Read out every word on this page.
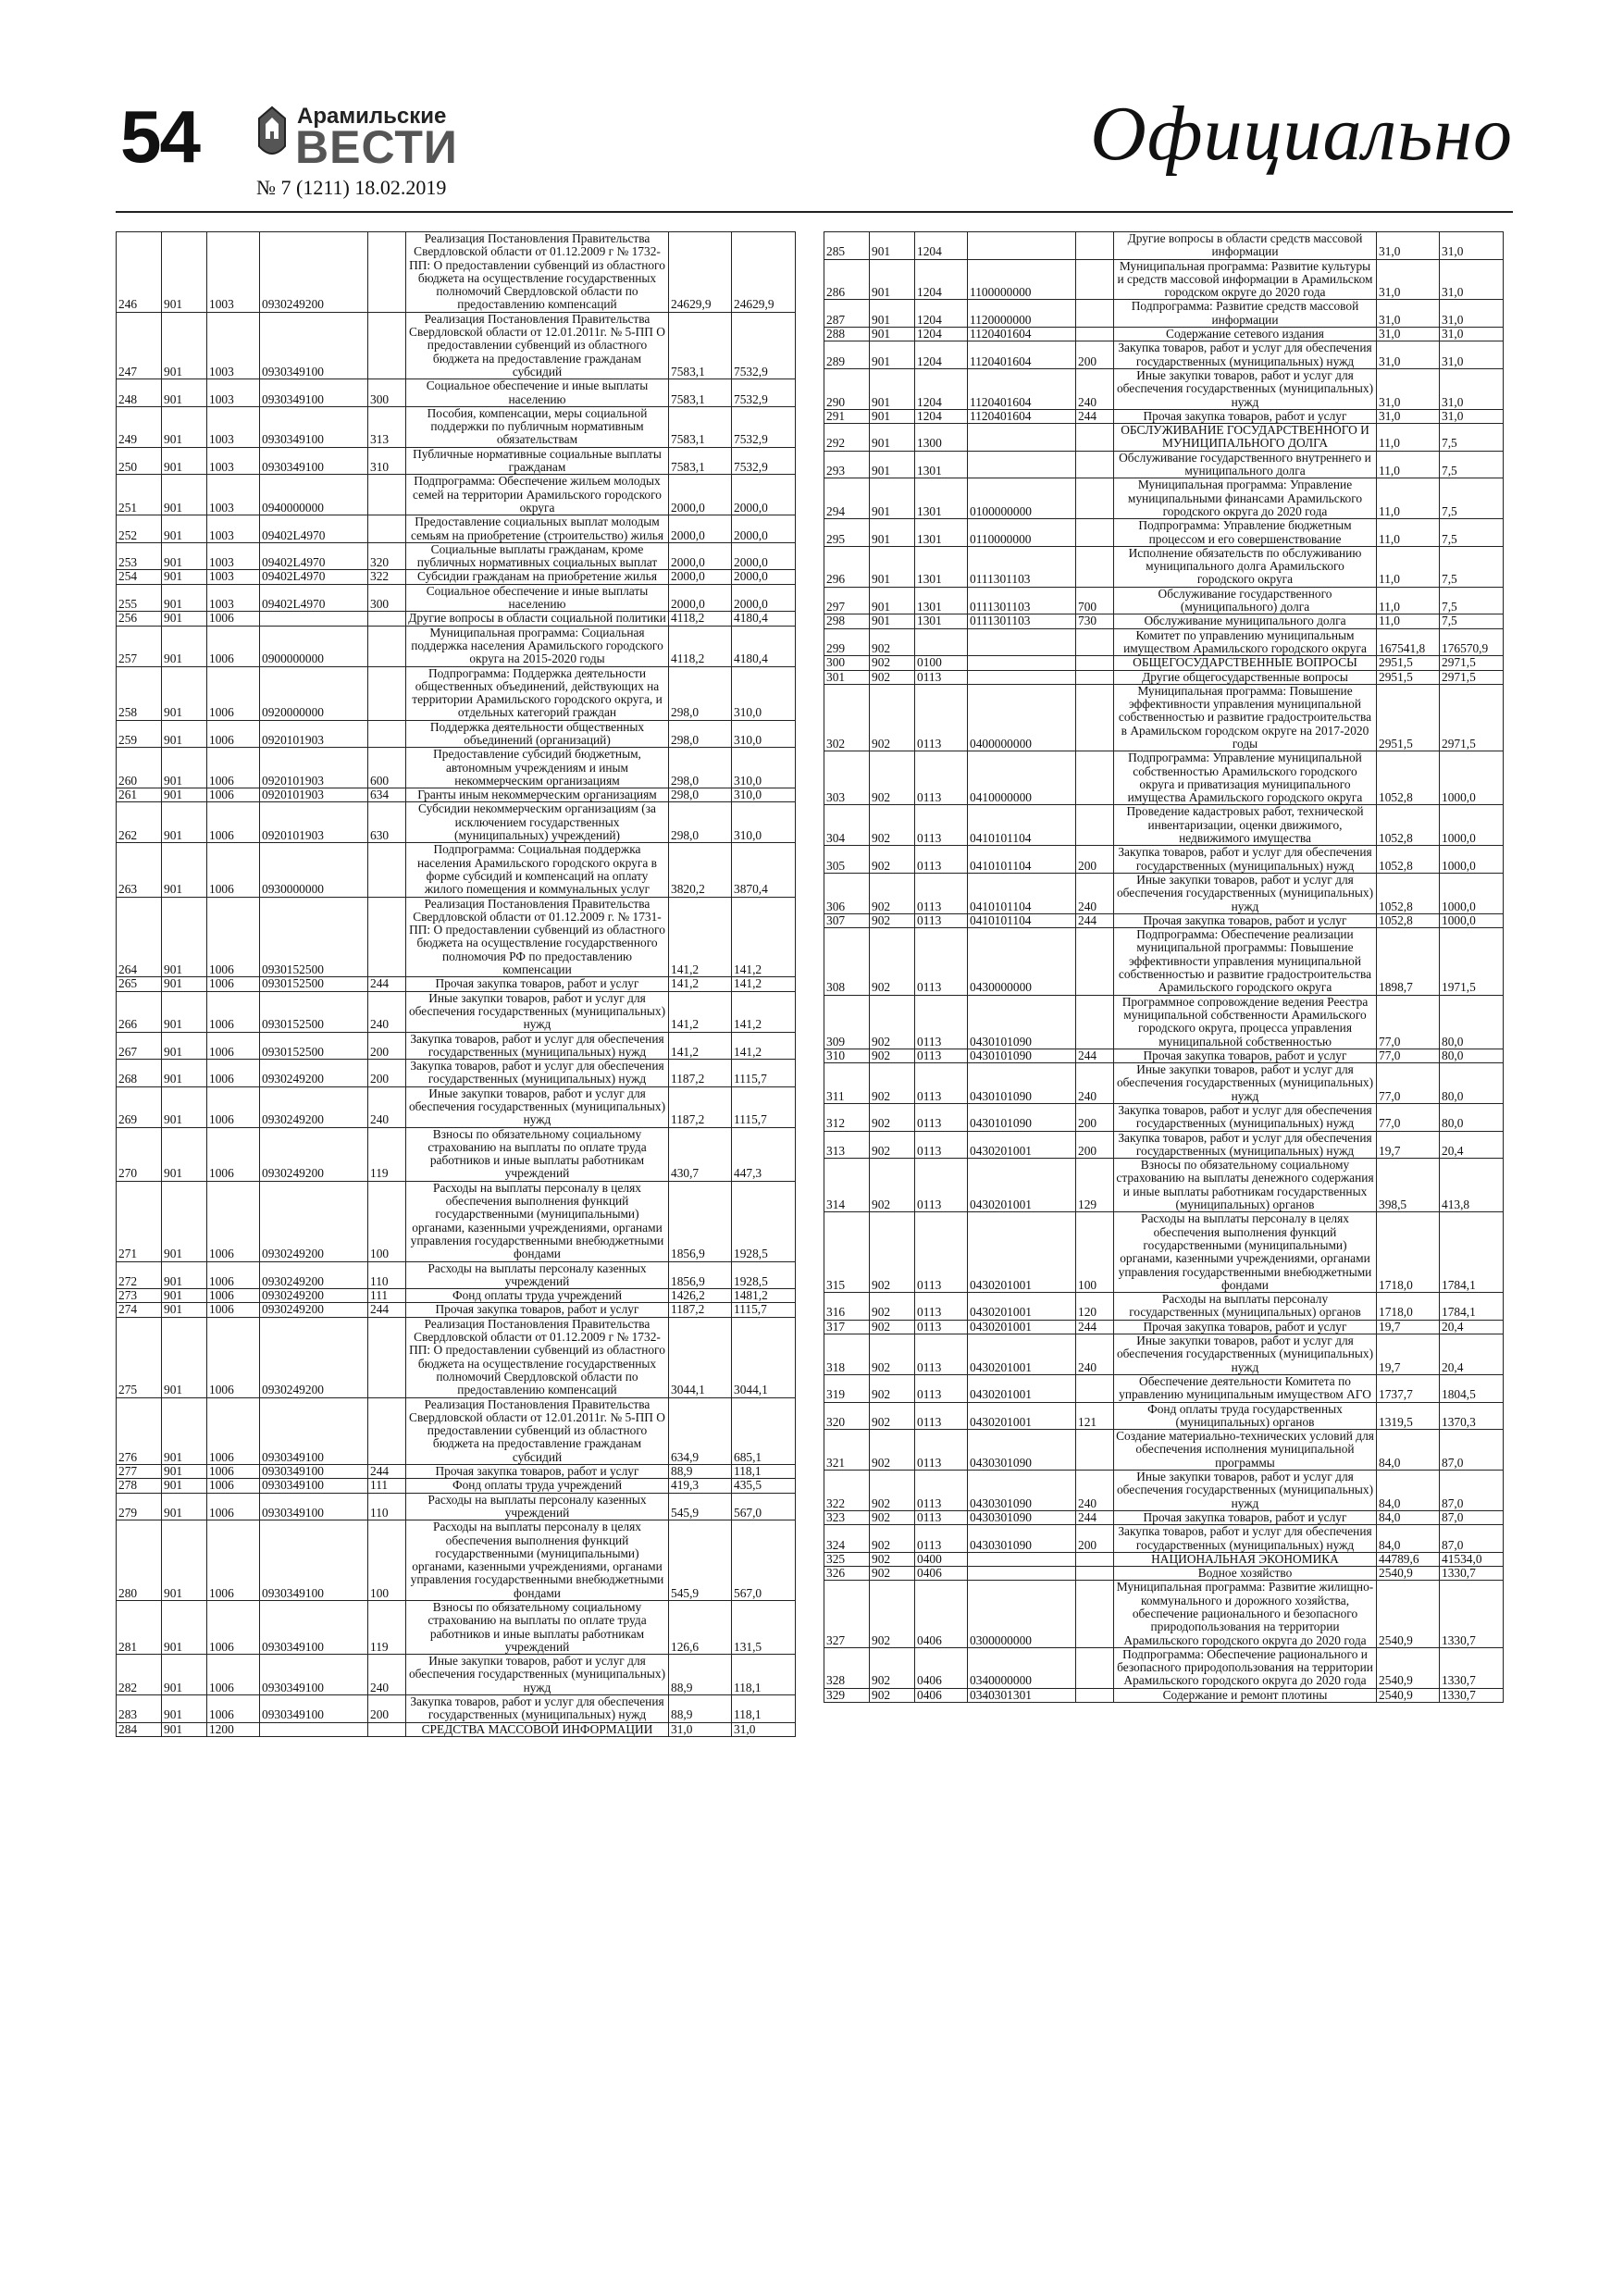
54	Арамильские
ВЕСТИ
№ 7 (1211) 18.02.2019
Официально
246	901	1003	0930249200		Реализация Постановления Правительства Свердловской области от 01.12.2009 г № 1732-ПП: О предоставлении субвенций из областного бюджета на осуществление государственных полномочий Свердловской области по предоставлению компенсаций	24629,9	24629,9
247	901	1003	0930349100		Реализация Постановления Правительства Свердловской области от 12.01.2011г. № 5-ПП О предоставлении субвенций из областного бюджета на предоставление гражданам субсидий	7583,1	7532,9
248	901	1003	0930349100	300	Социальное обеспечение и иные выплаты населению	7583,1	7532,9
249	901	1003	0930349100	313	Пособия, компенсации, меры социальной поддержки по публичным нормативным обязательствам	7583,1	7532,9
250	901	1003	0930349100	310	Публичные нормативные социальные выплаты гражданам	7583,1	7532,9
251	901	1003	0940000000		Подпрограмма: Обеспечение жильем молодых семей на территории Арамильского городского округа	2000,0	2000,0
252	901	1003	09402L4970		Предоставление социальных выплат молодым семьям на приобретение (строительство) жилья	2000,0	2000,0
253	901	1003	09402L4970	320	Социальные выплаты гражданам, кроме публичных нормативных социальных выплат	2000,0	2000,0
254	901	1003	09402L4970	322	Субсидии гражданам на приобретение жилья	2000,0	2000,0
255	901	1003	09402L4970	300	Социальное обеспечение и иные выплаты населению	2000,0	2000,0
256	901	1006			Другие вопросы в области социальной политики	4118,2	4180,4
257	901	1006	0900000000		Муниципальная программа: Социальная поддержка населения Арамильского городского округа на 2015-2020 годы	4118,2	4180,4
258	901	1006	0920000000		Подпрограмма: Поддержка деятельности общественных объединений, действующих на территории Арамильского городского округа, и отдельных категорий граждан	298,0	310,0
259	901	1006	0920101903		Поддержка деятельности общественных объединений (организаций)	298,0	310,0
260	901	1006	0920101903	600	Предоставление субсидий бюджетным, автономным учреждениям и иным некоммерческим организациям	298,0	310,0
261	901	1006	0920101903	634	Гранты иным некоммерческим организациям	298,0	310,0
262	901	1006	0920101903	630	Субсидии некоммерческим организациям (за исключением государственных (муниципальных) учреждений)	298,0	310,0
263	901	1006	0930000000		Подпрограмма: Социальная поддержка населения Арамильского городского округа в форме субсидий и компенсаций на оплату жилого помещения и коммунальных услуг	3820,2	3870,4
264	901	1006	0930152500		Реализация Постановления Правительства Свердловской области от 01.12.2009 г. № 1731-ПП: О предоставлении субвенций из областного бюджета на осуществление государственного полномочия РФ по предоставлению компенсации	141,2	141,2
265	901	1006	0930152500	244	Прочая закупка товаров, работ и услуг	141,2	141,2
266	901	1006	0930152500	240	Иные закупки товаров, работ и услуг для обеспечения государственных (муниципальных) нужд	141,2	141,2
267	901	1006	0930152500	200	Закупка товаров, работ и услуг для обеспечения государственных (муниципальных) нужд	141,2	141,2
268	901	1006	0930249200	200	Закупка товаров, работ и услуг для обеспечения государственных (муниципальных) нужд	1187,2	1115,7
269	901	1006	0930249200	240	Иные закупки товаров, работ и услуг для обеспечения государственных (муниципальных) нужд	1187,2	1115,7
270	901	1006	0930249200	119	Взносы по обязательному социальному страхованию на выплаты по оплате труда работников и иные выплаты работникам учреждений	430,7	447,3
271	901	1006	0930249200	100	Расходы на выплаты персоналу в целях обеспечения выполнения функций государственными (муниципальными) органами, казенными учреждениями, органами управления государственными внебюджетными фондами	1856,9	1928,5
272	901	1006	0930249200	110	Расходы на выплаты персоналу казенных учреждений	1856,9	1928,5
273	901	1006	0930249200	111	Фонд оплаты труда учреждений	1426,2	1481,2
274	901	1006	0930249200	244	Прочая закупка товаров, работ и услуг	1187,2	1115,7
275	901	1006	0930249200		Реализация Постановления Правительства Свердловской области от 01.12.2009 г № 1732-ПП: О предоставлении субвенций из областного бюджета на осуществление государственных полномочий Свердловской области по предоставлению компенсаций	3044,1	3044,1
276	901	1006	0930349100		Реализация Постановления Правительства Свердловской области от 12.01.2011г. № 5-ПП О предоставлении субвенций из областного бюджета на предоставление гражданам субсидий	634,9	685,1
277	901	1006	0930349100	244	Прочая закупка товаров, работ и услуг	88,9	118,1
278	901	1006	0930349100	111	Фонд оплаты труда учреждений	419,3	435,5
279	901	1006	0930349100	110	Расходы на выплаты персоналу казенных учреждений	545,9	567,0
280	901	1006	0930349100	100	Расходы на выплаты персоналу в целях обеспечения выполнения функций государственными (муниципальными) органами, казенными учреждениями, органами управления государственными внебюджетными фондами	545,9	567,0
281	901	1006	0930349100	119	Взносы по обязательному социальному страхованию на выплаты по оплате труда работников и иные выплаты работникам учреждений	126,6	131,5
282	901	1006	0930349100	240	Иные закупки товаров, работ и услуг для обеспечения государственных (муниципальных) нужд	88,9	118,1
283	901	1006	0930349100	200	Закупка товаров, работ и услуг для обеспечения государственных (муниципальных) нужд	88,9	118,1
284	901	1200			СРЕДСТВА МАССОВОЙ ИНФОРМАЦИИ	31,0	31,0
285	901	1204			Другие вопросы в области средств массовой информации	31,0	31,0
286	901	1204	1100000000		Муниципальная программа: Развитие культуры и средств массовой информации в Арамильском городском округе до 2020 года	31,0	31,0
287	901	1204	1120000000		Подпрограмма: Развитие средств массовой информации	31,0	31,0
288	901	1204	1120401604		Содержание сетевого издания	31,0	31,0
289	901	1204	1120401604	200	Закупка товаров, работ и услуг для обеспечения государственных (муниципальных) нужд	31,0	31,0
290	901	1204	1120401604	240	Иные закупки товаров, работ и услуг для обеспечения государственных (муниципальных) нужд	31,0	31,0
291	901	1204	1120401604	244	Прочая закупка товаров, работ и услуг	31,0	31,0
292	901	1300			ОБСЛУЖИВАНИЕ ГОСУДАРСТВЕННОГО И МУНИЦИПАЛЬНОГО ДОЛГА	11,0	7,5
293	901	1301			Обслуживание государственного внутреннего и муниципального долга	11,0	7,5
294	901	1301	0100000000		Муниципальная программа: Управление муниципальными финансами Арамильского городского округа до 2020 года	11,0	7,5
295	901	1301	0110000000		Подпрограмма: Управление бюджетным процессом и его совершенствование	11,0	7,5
296	901	1301	0111301103		Исполнение обязательств по обслуживанию муниципального долга Арамильского городского округа	11,0	7,5
297	901	1301	0111301103	700	Обслуживание государственного (муниципального) долга	11,0	7,5
298	901	1301	0111301103	730	Обслуживание муниципального долга	11,0	7,5
299	902				Комитет по управлению муниципальным имуществом Арамильского городского округа	167541,8	176570,9
300	902	0100			ОБЩЕГОСУДАРСТВЕННЫЕ ВОПРОСЫ	2951,5	2971,5
301	902	0113			Другие общегосударственные вопросы	2951,5	2971,5
302	902	0113	0400000000		Муниципальная программа: Повышение эффективности управления муниципальной собственностью и развитие градостроительства в Арамильском городском округе на 2017-2020 годы	2951,5	2971,5
303	902	0113	0410000000		Подпрограмма: Управление муниципальной собственностью Арамильского городского округа и приватизация муниципального имущества Арамильского городского округа	1052,8	1000,0
304	902	0113	0410101104		Проведение кадастровых работ, технической инвентаризации, оценки движимого, недвижимого имущества	1052,8	1000,0
305	902	0113	0410101104	200	Закупка товаров, работ и услуг для обеспечения государственных (муниципальных) нужд	1052,8	1000,0
306	902	0113	0410101104	240	Иные закупки товаров, работ и услуг для обеспечения государственных (муниципальных) нужд	1052,8	1000,0
307	902	0113	0410101104	244	Прочая закупка товаров, работ и услуг	1052,8	1000,0
308	902	0113	0430000000		Подпрограмма: Обеспечение реализации муниципальной программы: Повышение эффективности управления муниципальной собственностью и развитие градостроительства Арамильского городского округа	1898,7	1971,5
309	902	0113	0430101090		Программное сопровождение ведения Реестра муниципальной собственности Арамильского городского округа, процесса управления муниципальной собственностью	77,0	80,0
310	902	0113	0430101090	244	Прочая закупка товаров, работ и услуг	77,0	80,0
311	902	0113	0430101090	240	Иные закупки товаров, работ и услуг для обеспечения государственных (муниципальных) нужд	77,0	80,0
312	902	0113	0430101090	200	Закупка товаров, работ и услуг для обеспечения государственных (муниципальных) нужд	77,0	80,0
313	902	0113	0430201001	200	Закупка товаров, работ и услуг для обеспечения государственных (муниципальных) нужд	19,7	20,4
314	902	0113	0430201001	129	Взносы по обязательному социальному страхованию на выплаты денежного содержания и иные выплаты работникам государственных (муниципальных) органов	398,5	413,8
315	902	0113	0430201001	100	Расходы на выплаты персоналу в целях обеспечения выполнения функций государственными (муниципальными) органами, казенными учреждениями, органами управления государственными внебюджетными фондами	1718,0	1784,1
316	902	0113	0430201001	120	Расходы на выплаты персоналу государственных (муниципальных) органов	1718,0	1784,1
317	902	0113	0430201001	244	Прочая закупка товаров, работ и услуг	19,7	20,4
318	902	0113	0430201001	240	Иные закупки товаров, работ и услуг для обеспечения государственных (муниципальных) нужд	19,7	20,4
319	902	0113	0430201001		Обеспечение деятельности Комитета по управлению муниципальным имуществом АГО	1737,7	1804,5
320	902	0113	0430201001	121	Фонд оплаты труда государственных (муниципальных) органов	1319,5	1370,3
321	902	0113	0430301090		Создание материально-технических условий для обеспечения исполнения муниципальной программы	84,0	87,0
322	902	0113	0430301090	240	Иные закупки товаров, работ и услуг для обеспечения государственных (муниципальных) нужд	84,0	87,0
323	902	0113	0430301090	244	Прочая закупка товаров, работ и услуг	84,0	87,0
324	902	0113	0430301090	200	Закупка товаров, работ и услуг для обеспечения государственных (муниципальных) нужд	84,0	87,0
325	902	0400			НАЦИОНАЛЬНАЯ ЭКОНОМИКА	44789,6	41534,0
326	902	0406			Водное хозяйство	2540,9	1330,7
327	902	0406	0300000000		Муниципальная программа: Развитие жилищно-коммунального и дорожного хозяйства, обеспечение рационального и безопасного природопользования на территории Арамильского городского округа до 2020 года	2540,9	1330,7
328	902	0406	0340000000		Подпрограмма: Обеспечение рационального и безопасного природопользования на территории Арамильского городского округа до 2020 года	2540,9	1330,7
329	902	0406	0340301301		Содержание и ремонт плотины	2540,9	1330,7
